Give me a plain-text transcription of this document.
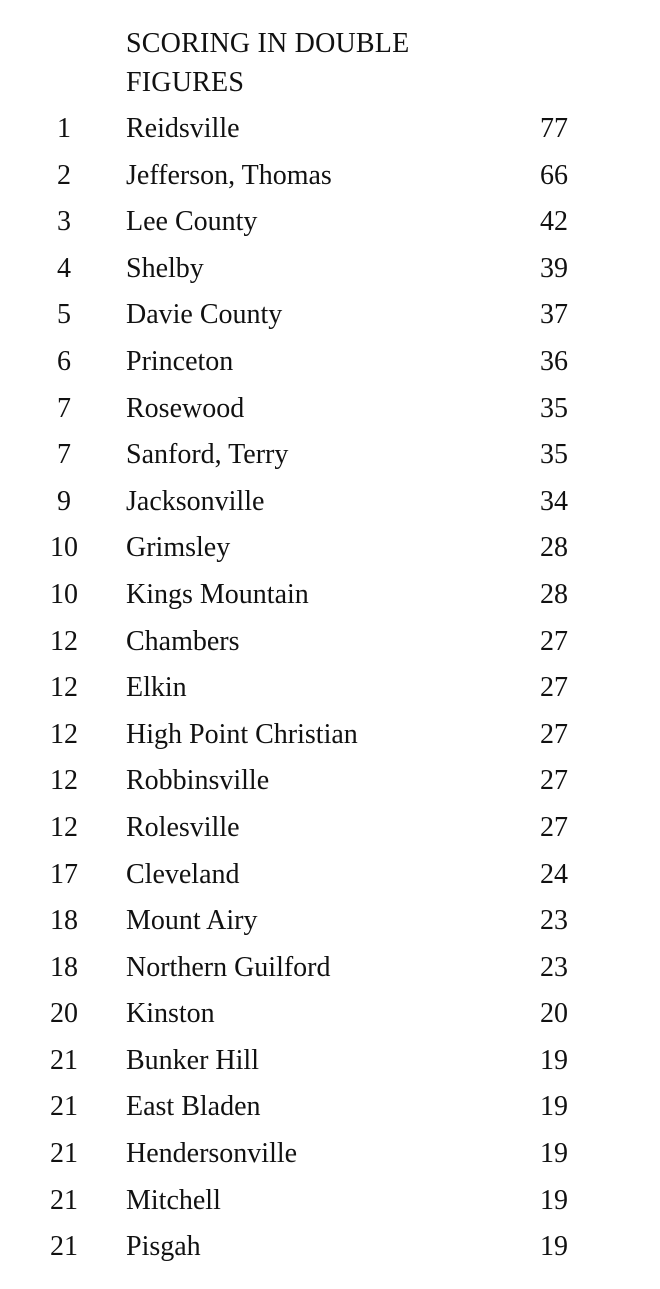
SCORING IN DOUBLE
FIGURES
1	Reidsville	77
2	Jefferson, Thomas	66
3	Lee County	42
4	Shelby	39
5	Davie County	37
6	Princeton	36
7	Rosewood	35
7	Sanford, Terry	35
9	Jacksonville	34
10	Grimsley	28
10	Kings Mountain	28
12	Chambers	27
12	Elkin	27
12	High Point Christian	27
12	Robbinsville	27
12	Rolesville	27
17	Cleveland	24
18	Mount Airy	23
18	Northern Guilford	23
20	Kinston	20
21	Bunker Hill	19
21	East Bladen	19
21	Hendersonville	19
21	Mitchell	19
21	Pisgah	19
